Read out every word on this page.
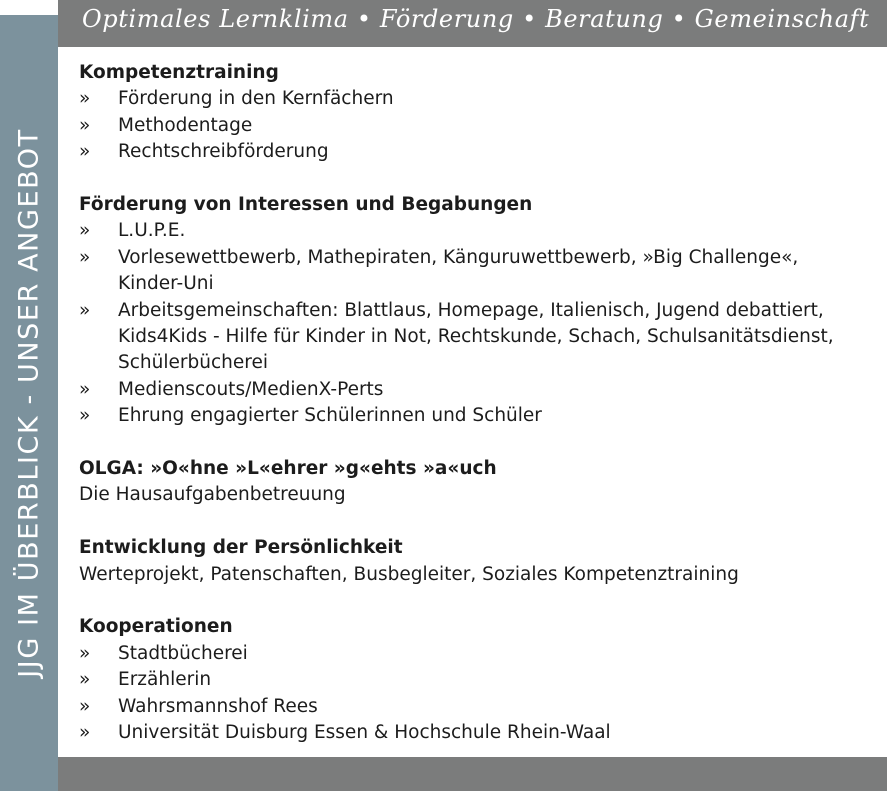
JJG IM ÜBERBLICK - UNSER ANGEBOT
Optimales Lernklima • Förderung • Beratung • Gemeinschaft
Kompetenztraining
» Förderung in den Kernfächern
» Methodentage
» Rechtschreibförderung
Förderung von Interessen und Begabungen
» L.U.P.E.
» Vorlesewettbewerb, Mathepiraten, Känguruwettbewerb, »Big Challenge«, Kinder-Uni
» Arbeitsgemeinschaften: Blattlaus, Homepage, Italienisch, Jugend debattiert, Kids4Kids - Hilfe für Kinder in Not, Rechtskunde, Schach, Schulsanitätsdienst, Schülerbücherei
» Medienscouts/MedienX-Perts
» Ehrung engagierter Schülerinnen und Schüler
OLGA: »O«hne »L«ehrer »g«ehts »a«uch
Die Hausaufgabenbetreuung
Entwicklung der Persönlichkeit
Werteprojekt, Patenschaften, Busbegleiter, Soziales Kompetenztraining
Kooperationen
» Stadtbücherei
» Erzählerin
» Wahrsmannshof Rees
» Universität Duisburg Essen & Hochschule Rhein-Waal
